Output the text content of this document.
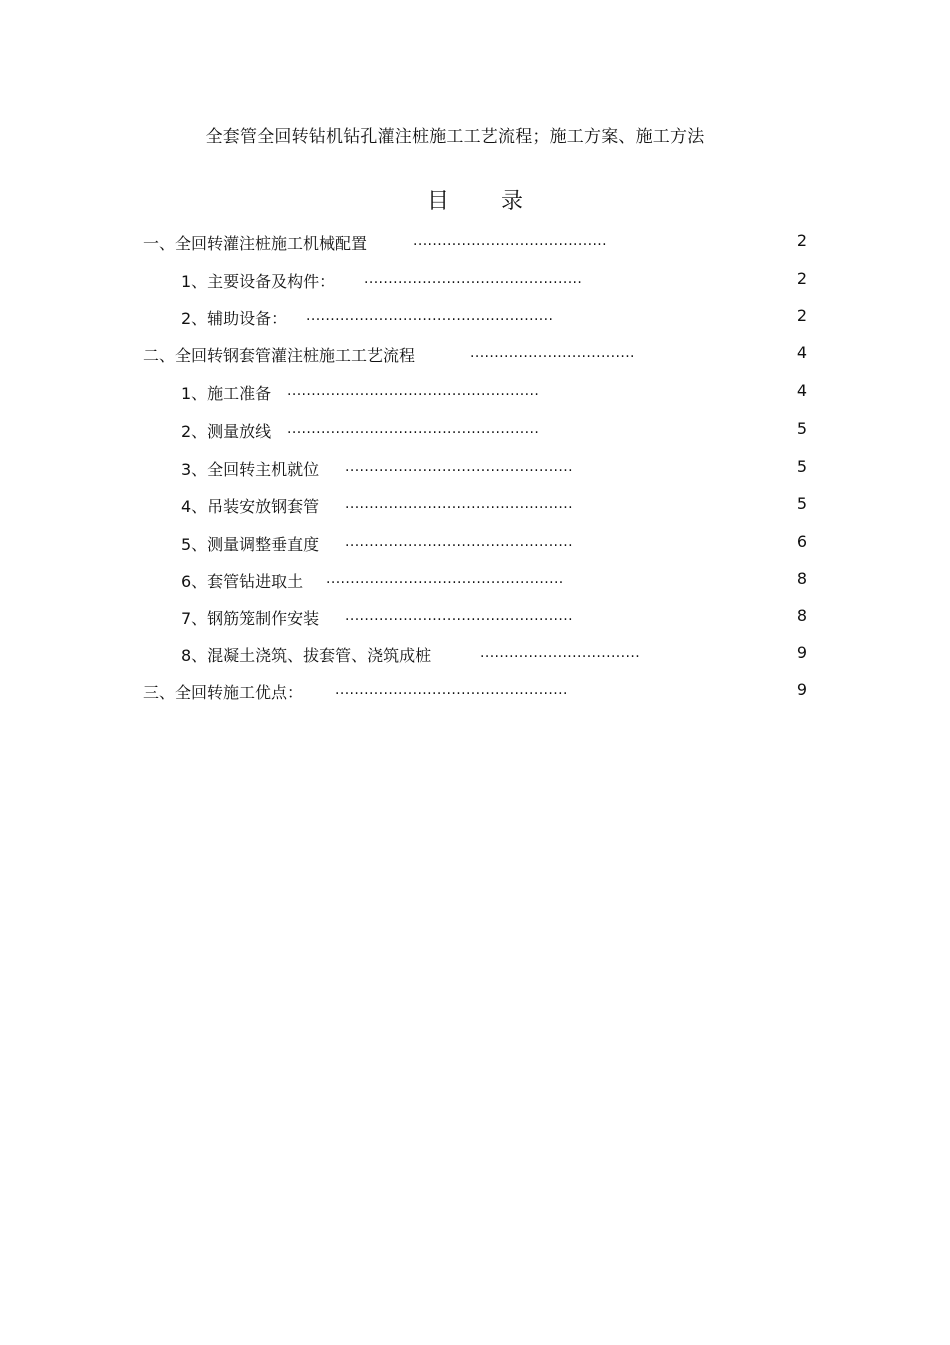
全套管全回转钻机钻孔灌注桩施工工艺流程；施工方案、施工方法
目 录
一、全回转灌注桩施工机械配置	........................................	2
1、主要设备及构件： .............................................	2
2、辅助设备： ...................................................	2
二、全回转钢套管灌注桩施工工艺流程	..................................	4
1、施工准备 ....................................................	4
2、测量放线 ....................................................	5
3、全回转主机就位 ...............................................	5
4、吊装安放钢套管 ...............................................	5
5、测量调整垂直度 ...............................................	6
6、套管钻进取土 .................................................	8
7、钢筋笼制作安装 ...............................................	8
8、混凝土浇筑、拔套管、浇筑成桩	.................................	9
三、全回转施工优点： ................................................	9
